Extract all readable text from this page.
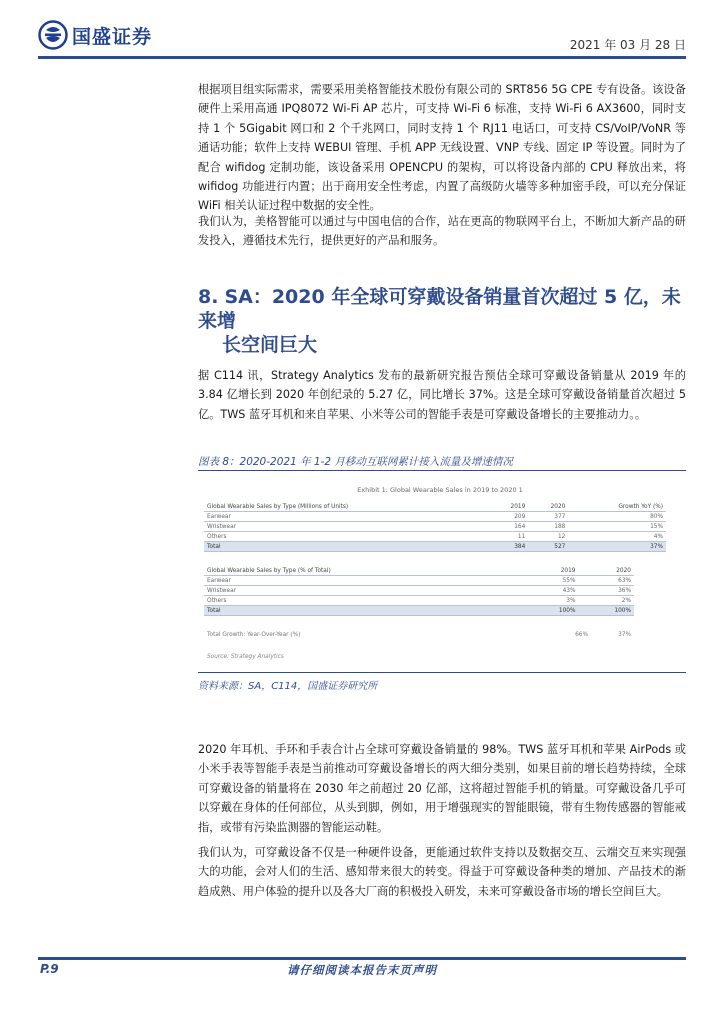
国盛证券	2021 年 03 月 28 日

根据项目组实际需求，需要采用美格智能技术股份有限公司的 SRT856 5G CPE 专有设备。该设备硬件上采用高通 IPQ8072 Wi-Fi AP 芯片，可支持 Wi-Fi 6 标准，支持 Wi-Fi 6 AX3600，同时支持 1 个 5Gigabit 网口和 2 个千兆网口，同时支持 1 个 RJ11 电话口，可支持 CS/VoIP/VoNR 等通话功能；软件上支持 WEBUI 管理、手机 APP 无线设置、VNP 专线、固定 IP 等设置。同时为了配合 wifidog 定制功能，该设备采用 OPENCPU 的架构，可以将设备内部的 CPU 释放出来，将 wifidog 功能进行内置；出于商用安全性考虑，内置了高级防火墙等多种加密手段，可以充分保证 WiFi 相关认证过程中数据的安全性。

我们认为，美格智能可以通过与中国电信的合作，站在更高的物联网平台上，不断加大新产品的研发投入，遵循技术先行，提供更好的产品和服务。

8. SA：2020 年全球可穿戴设备销量首次超过 5 亿，未来增
长空间巨大

据 C114 讯，Strategy Analytics 发布的最新研究报告预估全球可穿戴设备销量从 2019 年的 3.84 亿增长到 2020 年创纪录的 5.27 亿，同比增长 37%。这是全球可穿戴设备销量首次超过 5 亿。TWS 蓝牙耳机和来自苹果、小米等公司的智能手表是可穿戴设备增长的主要推动力。。

图表 8：2020-2021 年 1-2 月移动互联网累计接入流量及增速情况
Exhibit 1: Global Wearable Sales in 2019 to 2020 1
Global Wearable Sales by Type (Millions of Units)	2019	2020	Growth YoY (%)
Earwear	209	377	80%
Wristwear	164	188	15%
Others	11	12	4%
Total	384	527	37%
Global Wearable Sales by Type (% of Total)	2019	2020
Earwear	55%	63%
Wristwear	43%	36%
Others	3%	2%
Total	100%	100%
Total Growth: Year-Over-Year (%)	66%	37%
Source: Strategy Analytics
资料来源：SA，C114，国盛证券研究所

2020 年耳机、手环和手表合计占全球可穿戴设备销量的 98%。TWS 蓝牙耳机和苹果 AirPods 或小米手表等智能手表是当前推动可穿戴设备增长的两大细分类别，如果目前的增长趋势持续，全球可穿戴设备的销量将在 2030 年之前超过 20 亿部，这将超过智能手机的销量。可穿戴设备几乎可以穿戴在身体的任何部位，从头到脚，例如，用于增强现实的智能眼镜，带有生物传感器的智能戒指，或带有污染监测器的智能运动鞋。

我们认为，可穿戴设备不仅是一种硬件设备，更能通过软件支持以及数据交互、云端交互来实现强大的功能，会对人们的生活、感知带来很大的转变。得益于可穿戴设备种类的增加、产品技术的渐趋成熟、用户体验的提升以及各大厂商的积极投入研发，未来可穿戴设备市场的增长空间巨大。

P.9	请仔细阅读本报告末页声明
